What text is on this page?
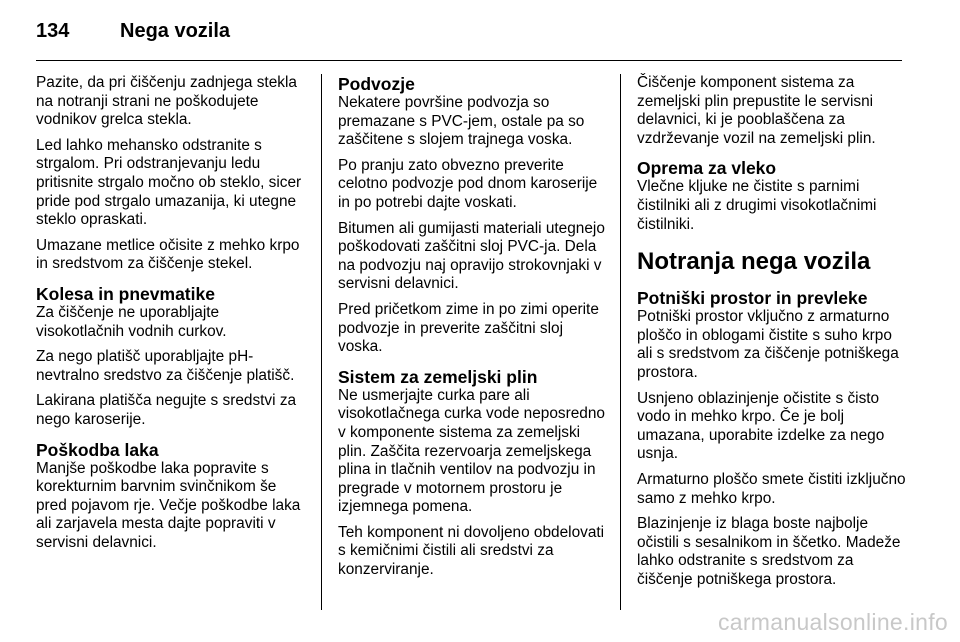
134	Nega vozila

Pazite, da pri čiščenju zadnjega stekla na notranji strani ne poškodujete vodnikov grelca stekla.

Led lahko mehansko odstranite s strgalom. Pri odstranjevanju ledu pritisnite strgalo močno ob steklo, sicer pride pod strgalo umazanija, ki utegne steklo opraskati.

Umazane metlice očisite z mehko krpo in sredstvom za čiščenje stekel.

Kolesa in pnevmatike

Za čiščenje ne uporabljajte visokotlačnih vodnih curkov.

Za nego platišč uporabljajte pH-nevtralno sredstvo za čiščenje platišč.

Lakirana platišča negujte s sredstvi za nego karoserije.

Poškodba laka

Manjše poškodbe laka popravite s korekturnim barvnim svinčnikom še pred pojavom rje. Večje poškodbe laka ali zarjavela mesta dajte popraviti v servisni delavnici.

Podvozje

Nekatere površine podvozja so premazane s PVC-jem, ostale pa so zaščitene s slojem trajnega voska.

Po pranju zato obvezno preverite celotno podvozje pod dnom karoserije in po potrebi dajte voskati.

Bitumen ali gumijasti materiali utegnejo poškodovati zaščitni sloj PVC-ja. Dela na podvozju naj opravijo strokovnjaki v servisni delavnici.

Pred pričetkom zime in po zimi operite podvozje in preverite zaščitni sloj voska.

Sistem za zemeljski plin

Ne usmerjajte curka pare ali visokotlačnega curka vode neposredno v komponente sistema za zemeljski plin. Zaščita rezervoarja zemeljskega plina in tlačnih ventilov na podvozju in pregrade v motornem prostoru je izjemnega pomena.

Teh komponent ni dovoljeno obdelovati s kemičnimi čistili ali sredstvi za konzerviranje.

Čiščenje komponent sistema za zemeljski plin prepustite le servisni delavnici, ki je pooblaščena za vzdrževanje vozil na zemeljski plin.

Oprema za vleko

Vlečne kljuke ne čistite s parnimi čistilniki ali z drugimi visokotlačnimi čistilniki.

Notranja nega vozila
Potniški prostor in prevleke

Potniški prostor vključno z armaturno ploščo in oblogami čistite s suho krpo ali s sredstvom za čiščenje potniškega prostora.

Usnjeno oblazinjenje očistite s čisto vodo in mehko krpo. Če je bolj umazana, uporabite izdelke za nego usnja.

Armaturno ploščo smete čistiti izključno samo z mehko krpo.

Blazinjenje iz blaga boste najbolje očistili s sesalnikom in ščetko. Madeže lahko odstranite s sredstvom za čiščenje potniškega prostora.

carmanualsonline.info
